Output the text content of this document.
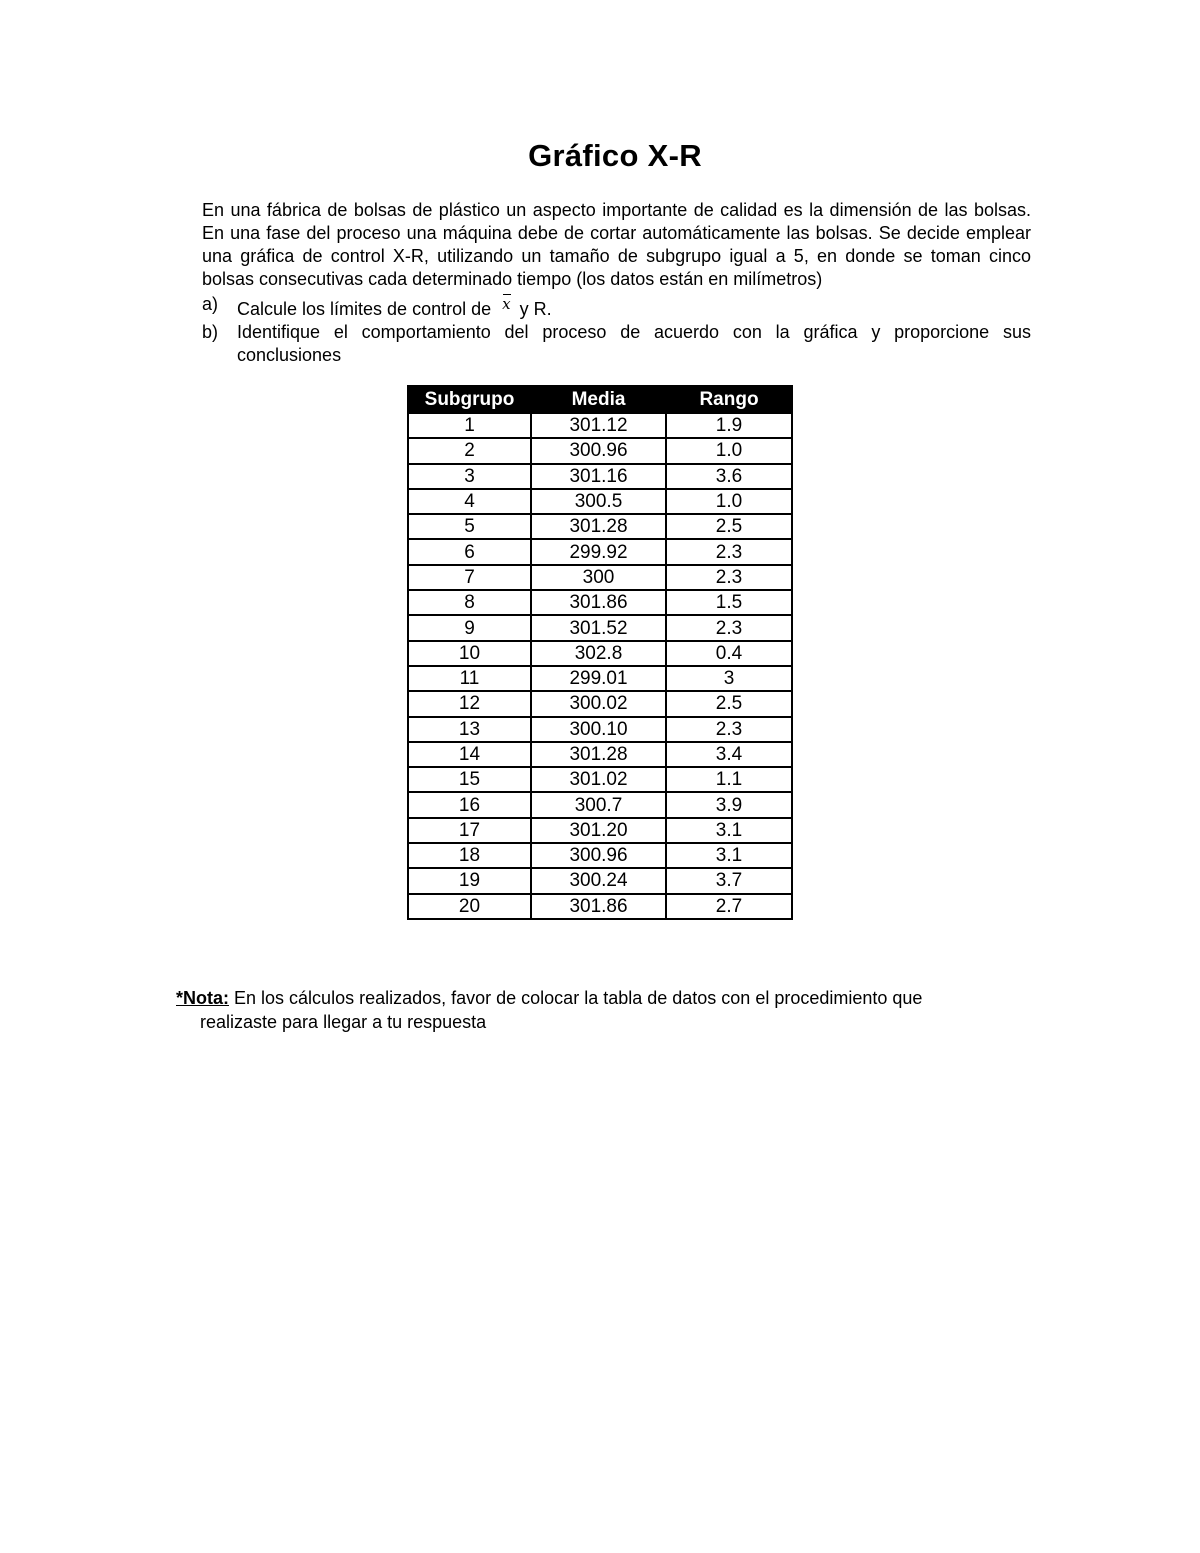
Gráfico X-R

En una fábrica de bolsas de plástico un aspecto importante de calidad es la dimensión de las bolsas. En una fase del proceso una máquina debe de cortar automáticamente las bolsas. Se decide emplear una gráfica de control X-R, utilizando un tamaño de subgrupo igual a 5, en donde se toman cinco bolsas consecutivas cada determinado tiempo (los datos están en milímetros)

a)	Calcule los límites de control de x y R.
b)	Identifique el comportamiento del proceso de acuerdo con la gráfica y proporcione sus conclusiones
Subgrupo	Media	Rango
1	301.12	1.9
2	300.96	1.0
3	301.16	3.6
4	300.5	1.0
5	301.28	2.5
6	299.92	2.3
7	300	2.3
8	301.86	1.5
9	301.52	2.3
10	302.8	0.4
11	299.01	3
12	300.02	2.5
13	300.10	2.3
14	301.28	3.4
15	301.02	1.1
16	300.7	3.9
17	301.20	3.1
18	300.96	3.1
19	300.24	3.7
20	301.86	2.7
*Nota: En los cálculos realizados, favor de colocar la tabla de datos con el procedimiento que
realizaste para llegar a tu respuesta
